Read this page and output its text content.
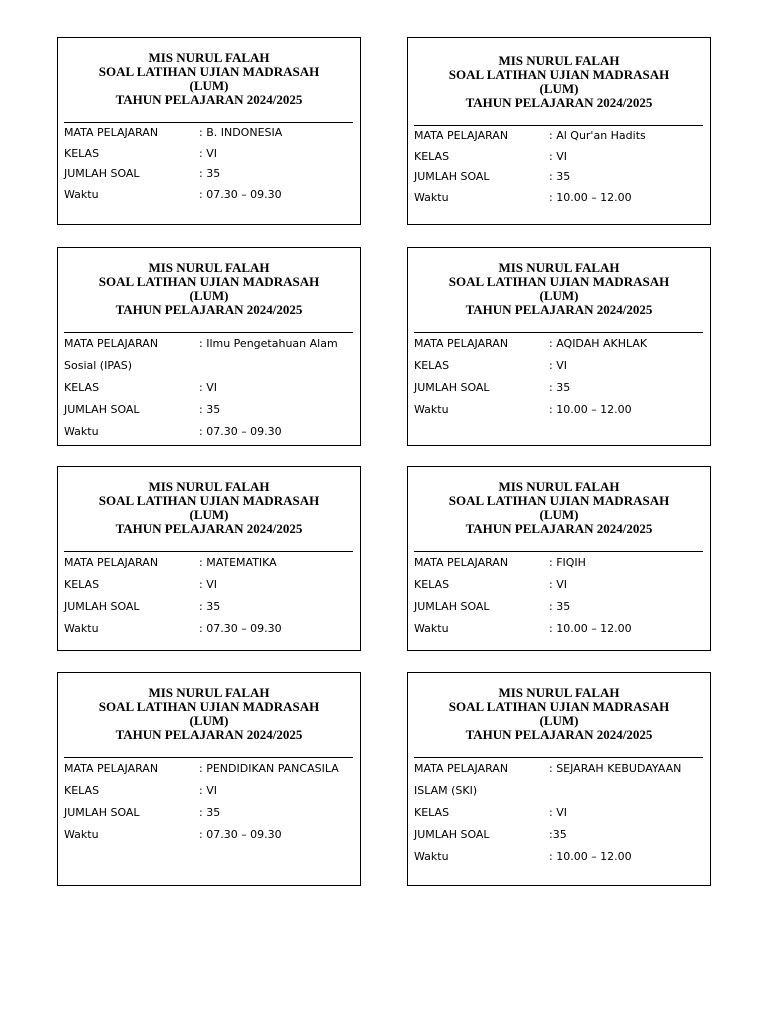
MIS NURUL FALAH
SOAL LATIHAN UJIAN MADRASAH
(LUM)
TAHUN PELAJARAN 2024/2025
MATA PELAJARAN	: B. INDONESIA
KELAS	: VI
JUMLAH SOAL	: 35
Waktu	: 07.30 – 09.30
MIS NURUL FALAH
SOAL LATIHAN UJIAN MADRASAH
(LUM)
TAHUN PELAJARAN 2024/2025
MATA PELAJARAN	: Al Qur'an Hadits
KELAS	: VI
JUMLAH SOAL	: 35
Waktu	: 10.00 – 12.00
MIS NURUL FALAH
SOAL LATIHAN UJIAN MADRASAH
(LUM)
TAHUN PELAJARAN 2024/2025
MATA PELAJARAN	: Ilmu Pengetahuan Alam
Sosial (IPAS)
KELAS	: VI
JUMLAH SOAL	: 35
Waktu	: 07.30 – 09.30
MIS NURUL FALAH
SOAL LATIHAN UJIAN MADRASAH
(LUM)
TAHUN PELAJARAN 2024/2025
MATA PELAJARAN	: AQIDAH AKHLAK
KELAS	: VI
JUMLAH SOAL	: 35
Waktu	: 10.00 – 12.00
MIS NURUL FALAH
SOAL LATIHAN UJIAN MADRASAH
(LUM)
TAHUN PELAJARAN 2024/2025
MATA PELAJARAN	: MATEMATIKA
KELAS	: VI
JUMLAH SOAL	: 35
Waktu	: 07.30 – 09.30
MIS NURUL FALAH
SOAL LATIHAN UJIAN MADRASAH
(LUM)
TAHUN PELAJARAN 2024/2025
MATA PELAJARAN	: FIQIH
KELAS	: VI
JUMLAH SOAL	: 35
Waktu	: 10.00 – 12.00
MIS NURUL FALAH
SOAL LATIHAN UJIAN MADRASAH
(LUM)
TAHUN PELAJARAN 2024/2025
MATA PELAJARAN	: PENDIDIKAN PANCASILA
KELAS	: VI
JUMLAH SOAL	: 35
Waktu	: 07.30 – 09.30
MIS NURUL FALAH
SOAL LATIHAN UJIAN MADRASAH
(LUM)
TAHUN PELAJARAN 2024/2025
MATA PELAJARAN	: SEJARAH KEBUDAYAAN
ISLAM (SKI)
KELAS	: VI
JUMLAH SOAL	:35
Waktu	: 10.00 – 12.00
